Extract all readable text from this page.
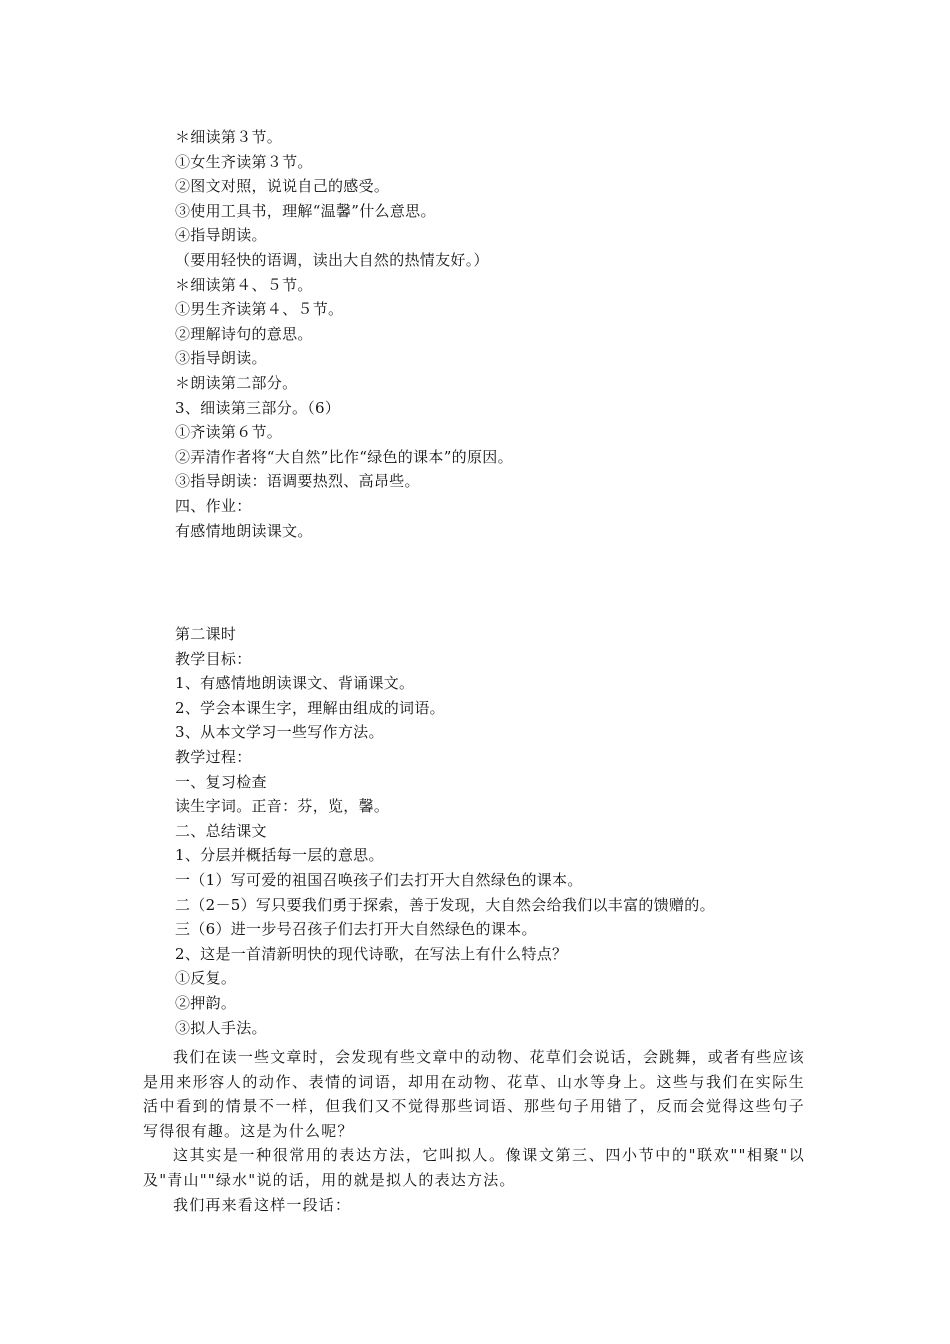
＊细读第３节。
①女生齐读第３节。
②图文对照，说说自己的感受。
③使用工具书，理解“温馨”什么意思。
④指导朗读。
（要用轻快的语调，读出大自然的热情友好。）
＊细读第４、５节。
①男生齐读第４、５节。
②理解诗句的意思。
③指导朗读。
＊朗读第二部分。
3、细读第三部分。（6）
①齐读第６节。
②弄清作者将“大自然”比作“绿色的课本”的原因。
③指导朗读：语调要热烈、高昂些。
四、作业：
有感情地朗读课文。
第二课时
教学目标：
1、有感情地朗读课文、背诵课文。
2、学会本课生字，理解由组成的词语。
3、从本文学习一些写作方法。
教学过程：
一、复习检查
读生字词。正音：芬，览，馨。
二、总结课文
1、分层并概括每一层的意思。
一（1）写可爱的祖国召唤孩子们去打开大自然绿色的课本。
二（2－5）写只要我们勇于探索，善于发现，大自然会给我们以丰富的馈赠的。
三（6）进一步号召孩子们去打开大自然绿色的课本。
2、这是一首清新明快的现代诗歌，在写法上有什么特点？
①反复。
②押韵。
③拟人手法。

我们在读一些文章时，会发现有些文章中的动物、花草们会说话，会跳舞，或者有些应该是用来形容人的动作、表情的词语，却用在动物、花草、山水等身上。这些与我们在实际生活中看到的情景不一样，但我们又不觉得那些词语、那些句子用错了，反而会觉得这些句子写得很有趣。这是为什么呢？

这其实是一种很常用的表达方法，它叫拟人。像课文第三、四小节中的"联欢""相聚"以及"青山""绿水"说的话，用的就是拟人的表达方法。

我们再来看这样一段话：
